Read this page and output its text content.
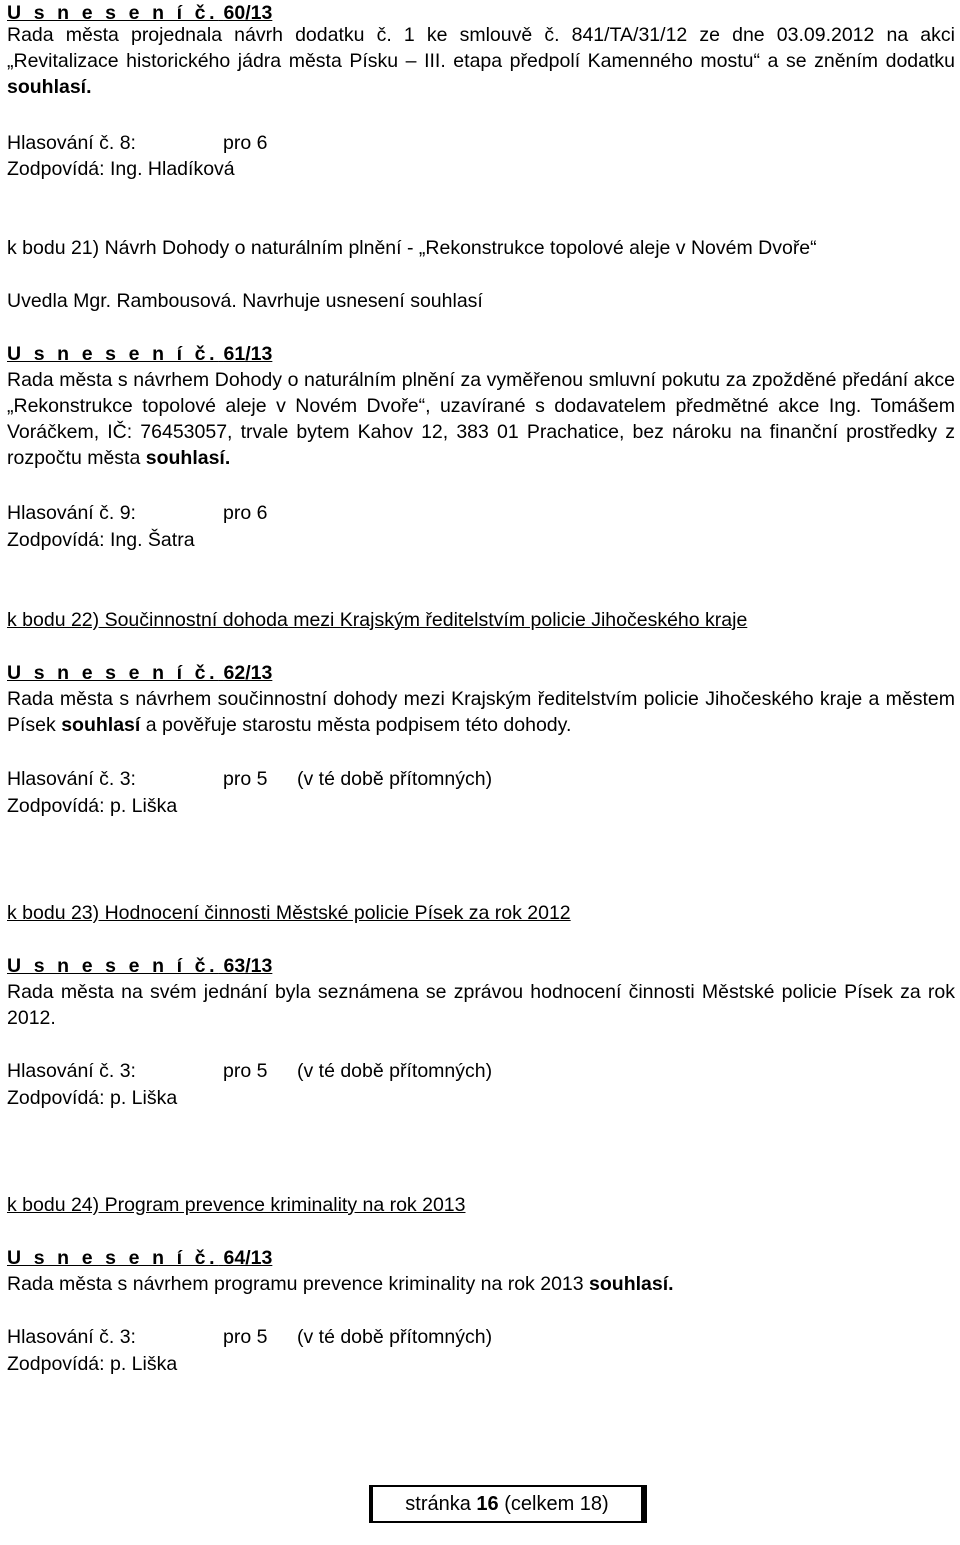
U s n e s e n í č. 60/13
Rada města projednala návrh dodatku č. 1 ke smlouvě č. 841/TA/31/12 ze dne 03.09.2012 na akci „Revitalizace historického jádra města Písku – III. etapa předpolí Kamenného mostu“ a se zněním dodatku souhlasí.
Hlasování č. 8:	pro 6
Zodpovídá: Ing. Hladíková
k bodu 21) Návrh Dohody o naturálním plnění - „Rekonstrukce topolové aleje v Novém Dvoře“
Uvedla Mgr. Rambousová. Navrhuje usnesení souhlasí
U s n e s e n í č. 61/13
Rada města s návrhem Dohody o naturálním plnění za vyměřenou smluvní pokutu za zpožděné předání akce „Rekonstrukce topolové aleje v Novém Dvoře“, uzavírané s dodavatelem předmětné akce Ing. Tomášem Voráčkem, IČ: 76453057, trvale bytem Kahov 12, 383 01 Prachatice, bez nároku na finanční prostředky z rozpočtu města souhlasí.
Hlasování č. 9:	pro 6
Zodpovídá: Ing. Šatra
k bodu 22) Součinnostní dohoda mezi Krajským ředitelstvím policie Jihočeského kraje
U s n e s e n í č. 62/13
Rada města s návrhem součinnostní dohody mezi Krajským ředitelstvím policie Jihočeského kraje a městem Písek souhlasí a pověřuje starostu města podpisem této dohody.
Hlasování č. 3:	pro 5 (v té době přítomných)
Zodpovídá: p. Liška
k bodu 23) Hodnocení činnosti Městské policie Písek za rok 2012
U s n e s e n í č. 63/13
Rada města na svém jednání byla seznámena se zprávou hodnocení činnosti Městské policie Písek za rok 2012.
Hlasování č. 3:	pro 5 (v té době přítomných)
Zodpovídá: p. Liška
k bodu 24) Program prevence kriminality na rok 2013
U s n e s e n í č. 64/13
Rada města s návrhem programu prevence kriminality na rok 2013 souhlasí.
Hlasování č. 3:	pro 5 (v té době přítomných)
Zodpovídá: p. Liška
stránka 16 (celkem 18)
